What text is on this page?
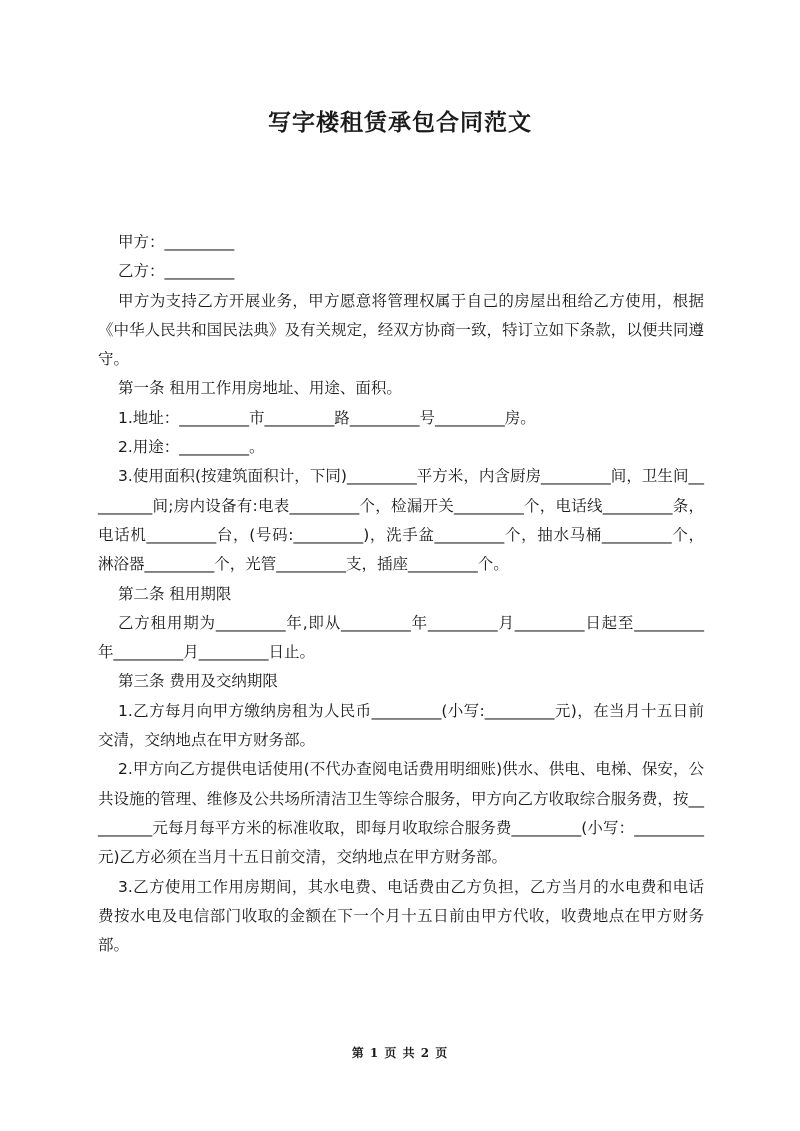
写字楼租赁承包合同范文

甲方：_________

乙方：_________

甲方为支持乙方开展业务，甲方愿意将管理权属于自己的房屋出租给乙方使用，根据《中华人民共和国民法典》及有关规定，经双方协商一致，特订立如下条款，以便共同遵守。

第一条 租用工作用房地址、用途、面积。

1.地址：_________市_________路_________号_________房。

2.用途：_________。

3.使用面积(按建筑面积计，下同)_________平方米，内含厨房_________间，卫生间_________间;房内设备有:电表_________个，检漏开关_________个，电话线_________条，电话机_________台，(号码:_________)，洗手盆_________个，抽水马桶_________个，淋浴器_________个，光管_________支，插座_________个。

第二条 租用期限

乙方租用期为_________年,即从_________年_________月_________日起至_________年_________月_________日止。

第三条 费用及交纳期限

1.乙方每月向甲方缴纳房租为人民币_________(小写:_________元)，在当月十五日前交清，交纳地点在甲方财务部。

2.甲方向乙方提供电话使用(不代办查阅电话费用明细账)供水、供电、电梯、保安，公共设施的管理、维修及公共场所清洁卫生等综合服务，甲方向乙方收取综合服务费，按_________元每月每平方米的标准收取，即每月收取综合服务费_________(小写：_________元)乙方必须在当月十五日前交清，交纳地点在甲方财务部。

3.乙方使用工作用房期间，其水电费、电话费由乙方负担，乙方当月的水电费和电话费按水电及电信部门收取的金额在下一个月十五日前由甲方代收，收费地点在甲方财务部。

第 1 页 共 2 页
